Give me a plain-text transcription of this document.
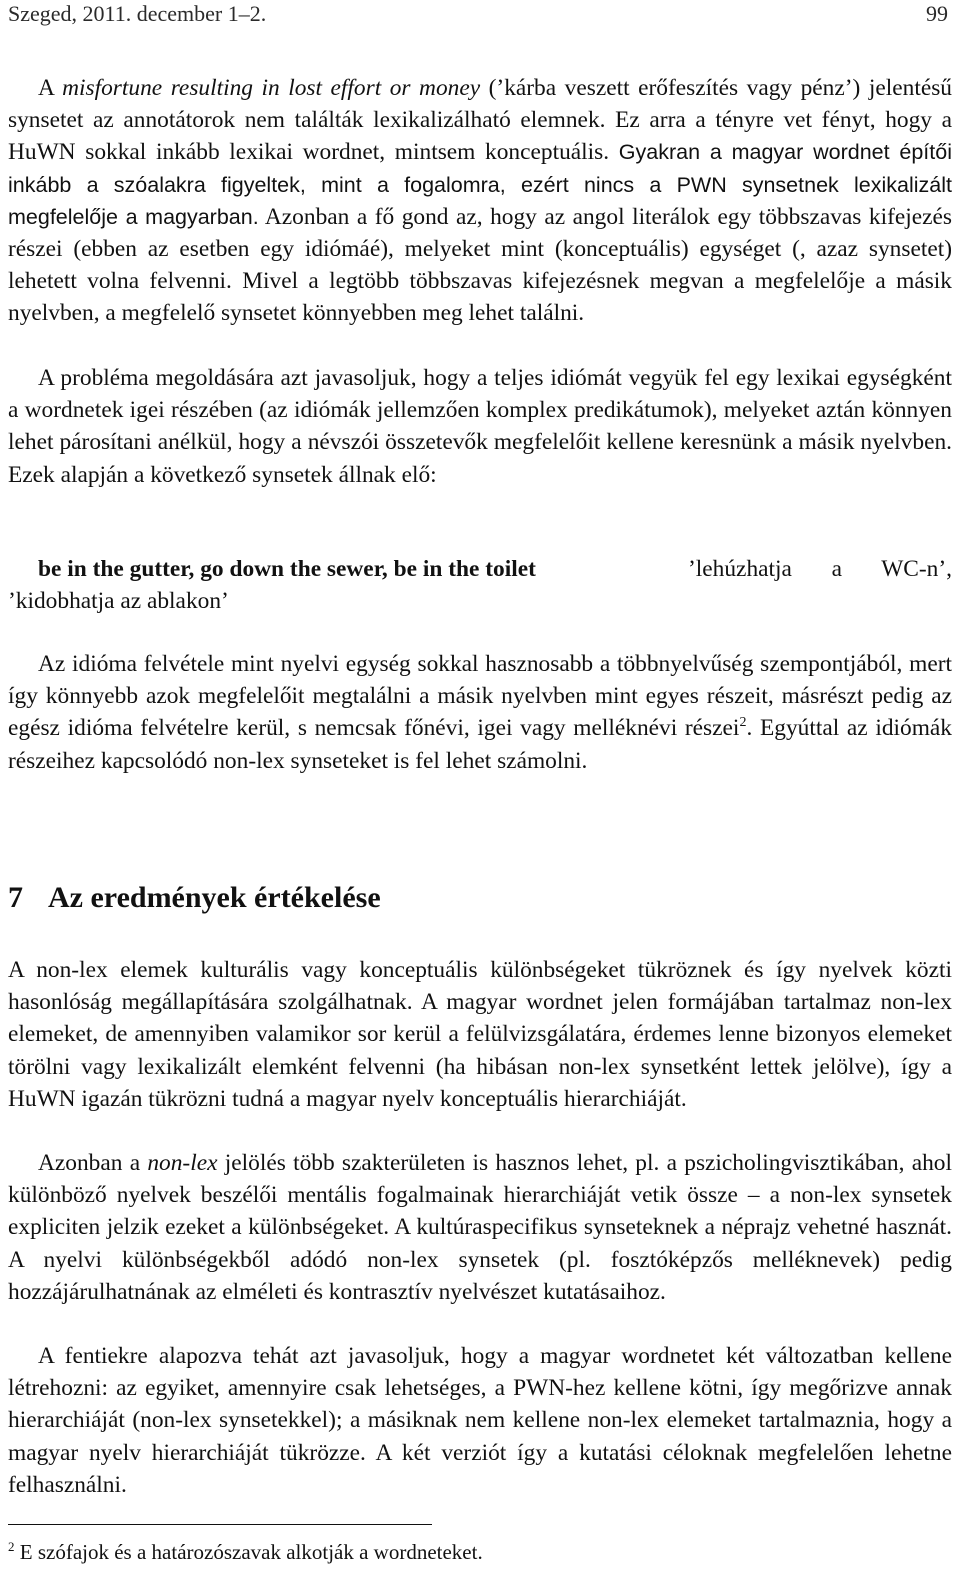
Szeged, 2011. december 1–2.	99

A misfortune resulting in lost effort or money (’kárba veszett erőfeszítés vagy pénz’) jelentésű synsetet az annotátorok nem találták lexikalizálható elemnek. Ez arra a tényre vet fényt, hogy a HuWN sokkal inkább lexikai wordnet, mintsem konceptuális. Gyakran a magyar wordnet építői inkább a szóalakra figyeltek, mint a fogalomra, ezért nincs a PWN synsetnek lexikalizált megfelelője a magyarban. Azonban a fő gond az, hogy az angol literálok egy többszavas kifejezés részei (ebben az esetben egy idiómáé), melyeket mint (konceptuális) egységet (, azaz synsetet) lehetett volna felvenni. Mivel a legtöbb többszavas kifejezésnek megvan a megfelelője a másik nyelvben, a megfelelő synsetet könnyebben meg lehet találni.

A probléma megoldására azt javasoljuk, hogy a teljes idiómát vegyük fel egy lexikai egységként a wordnetek igei részében (az idiómák jellemzően komplex predikátumok), melyeket aztán könnyen lehet párosítani anélkül, hogy a névszói összetevők megfelelőit kellene keresnünk a másik nyelvben. Ezek alapján a következő synsetek állnak elő:

be in the gutter, go down the sewer, be in the toilet	’lehúzhatja a WC-n’,
’kidobhatja az ablakon’

Az idióma felvétele mint nyelvi egység sokkal hasznosabb a többnyelvűség szempontjából, mert így könnyebb azok megfelelőit megtalálni a másik nyelvben mint egyes részeit, másrészt pedig az egész idióma felvételre kerül, s nemcsak főnévi, igei vagy melléknévi részei$^2$. Egyúttal az idiómák részeihez kapcsolódó non-lex synseteket is fel lehet számolni.

7 Az eredmények értékelése

A non-lex elemek kulturális vagy konceptuális különbségeket tükröznek és így nyelvek közti hasonlóság megállapítására szolgálhatnak. A magyar wordnet jelen formájában tartalmaz non-lex elemeket, de amennyiben valamikor sor kerül a felülvizsgálatára, érdemes lenne bizonyos elemeket törölni vagy lexikalizált elemként felvenni (ha hibásan non-lex synsetként lettek jelölve), így a HuWN igazán tükrözni tudná a magyar nyelv konceptuális hierarchiáját.

Azonban a non-lex jelölés több szakterületen is hasznos lehet, pl. a pszicholingvisztikában, ahol különböző nyelvek beszélői mentális fogalmainak hierarchiáját vetik össze – a non-lex synsetek expliciten jelzik ezeket a különbségeket. A kultúraspecifikus synseteknek a néprajz vehetné hasznát. A nyelvi különbségekből adódó non-lex synsetek (pl. fosztóképzős melléknevek) pedig hozzájárulhatnának az elméleti és kontrasztív nyelvészet kutatásaihoz.

A fentiekre alapozva tehát azt javasoljuk, hogy a magyar wordnetet két változatban kellene létrehozni: az egyiket, amennyire csak lehetséges, a PWN-hez kellene kötni, így megőrizve annak hierarchiáját (non-lex synsetekkel); a másiknak nem kellene non-lex elemeket tartalmaznia, hogy a magyar nyelv hierarchiáját tükrözze. A két verziót így a kutatási céloknak megfelelően lehetne felhasználni.

$^2$ E szófajok és a határozószavak alkotják a wordneteket.
